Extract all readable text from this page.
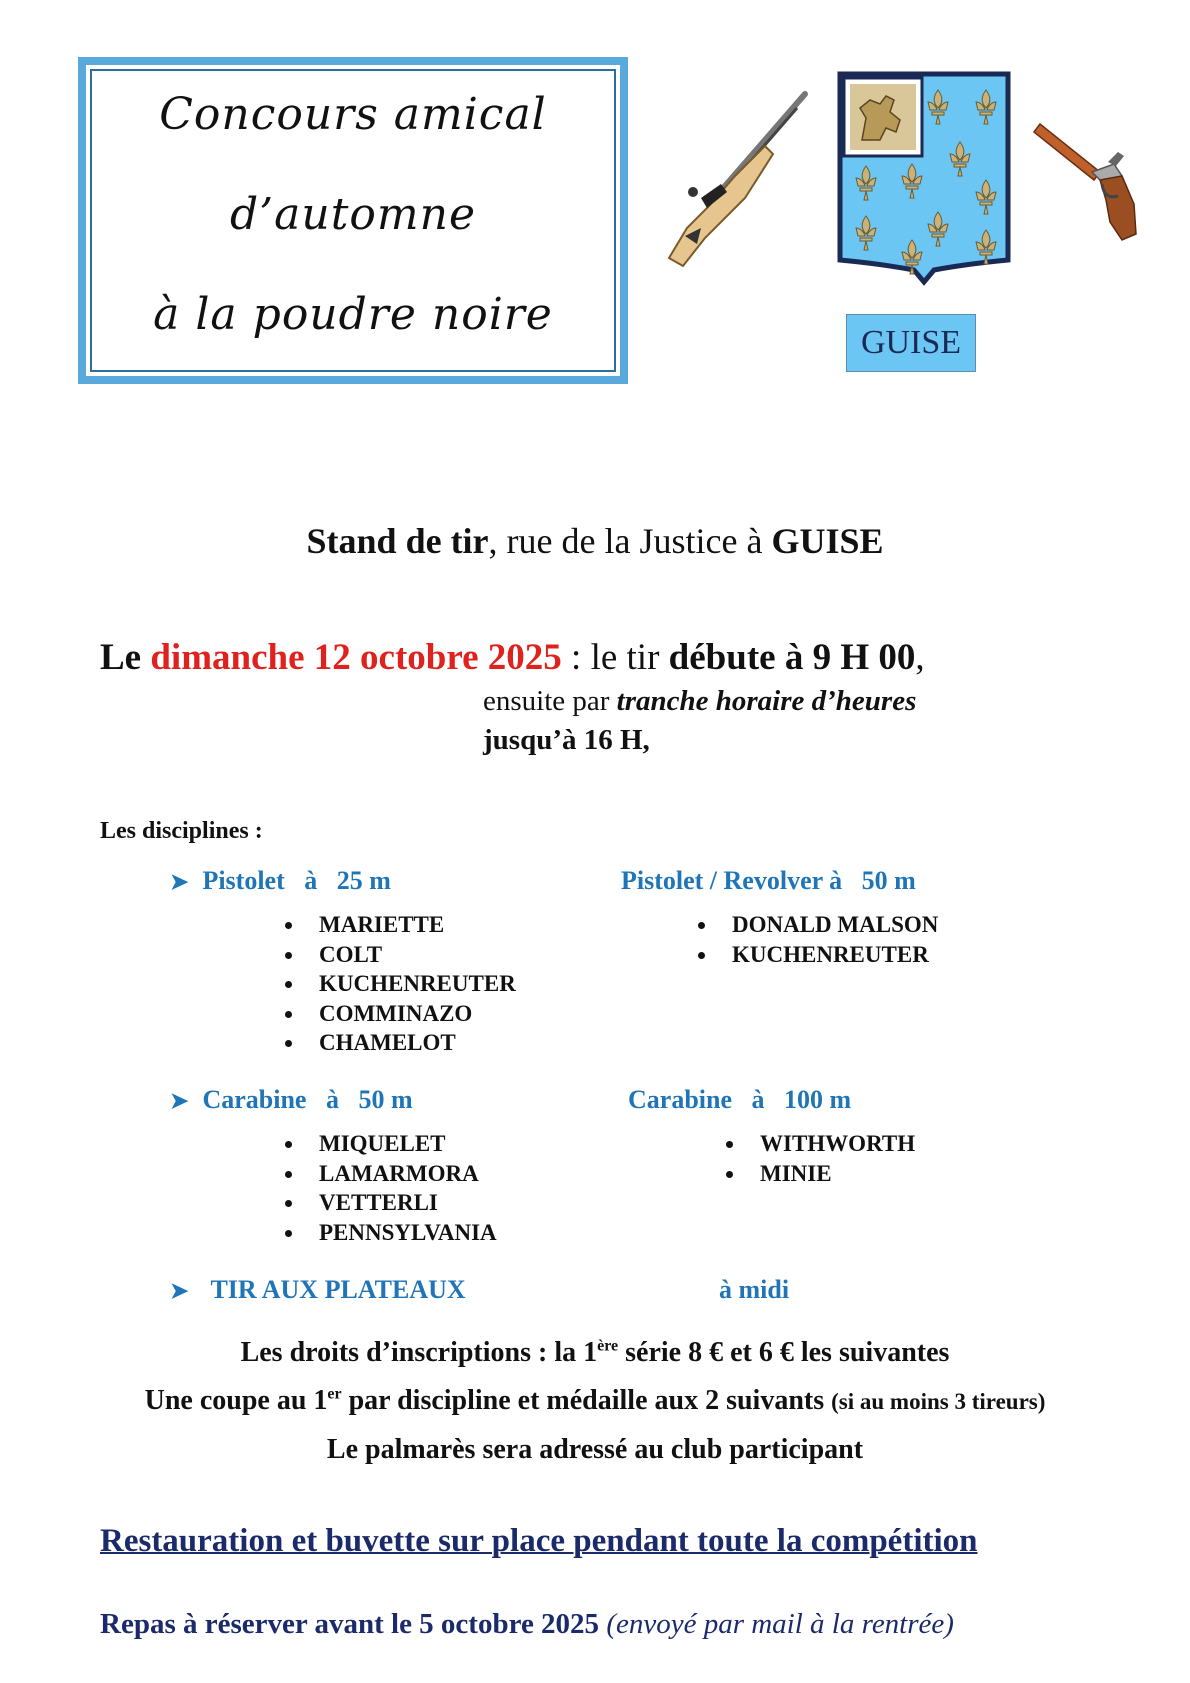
Concours amical
d’automne
à la poudre noire
GUISE
Stand de tir, rue de la Justice à GUISE
Le dimanche 12 octobre 2025 : le tir débute à 9 H 00,
ensuite par tranche horaire d’heures
jusqu’à 16 H,
Les disciplines :
➤ Pistolet   à   25 m	Pistolet / Revolver à   50 m
MARIETTE
COLT
KUCHENREUTER
COMMINAZO
CHAMELOT
DONALD MALSON
KUCHENREUTER
➤ Carabine   à   50 m	Carabine   à   100 m
MIQUELET
LAMARMORA
VETTERLI
PENNSYLVANIA
WITHWORTH
MINIE
➤ TIR AUX PLATEAUX	à midi
Les droits d’inscriptions : la 1ère série 8 € et 6 € les suivantes
Une coupe au 1er par discipline et médaille aux 2 suivants (si au moins 3 tireurs)
Le palmarès sera adressé au club participant
Restauration et buvette sur place pendant toute la compétition
Repas à réserver avant le 5 octobre 2025 (envoyé par mail à la rentrée)
